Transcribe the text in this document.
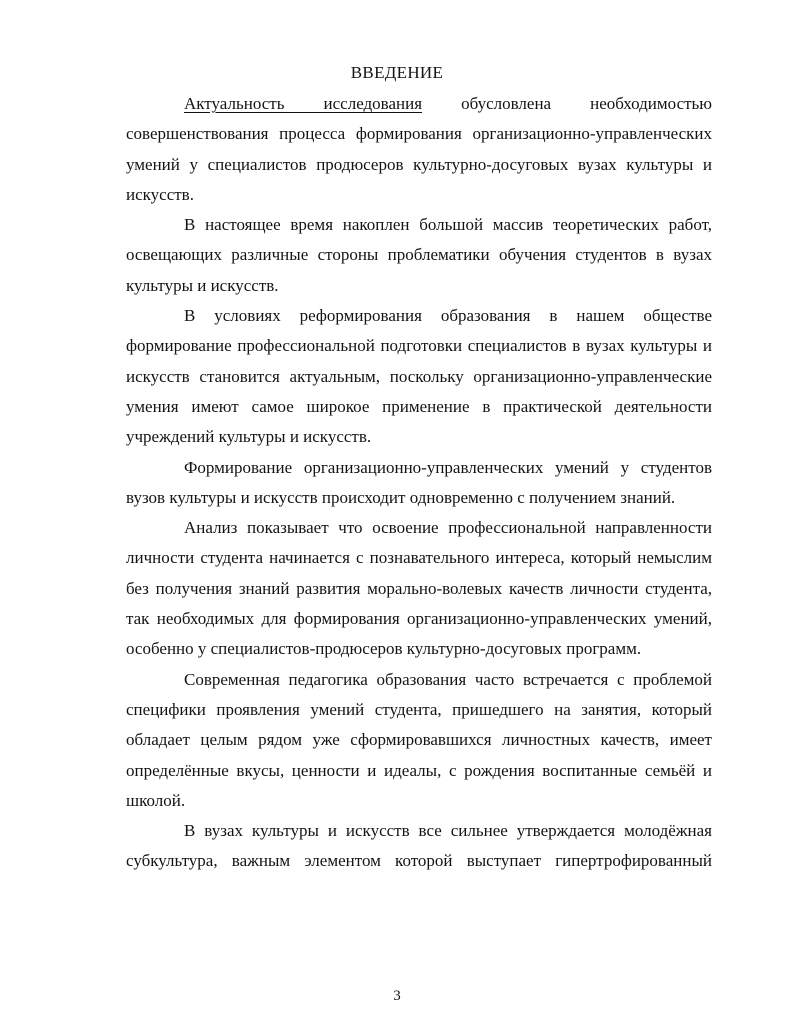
ВВЕДЕНИЕ

Актуальность исследования обусловлена необходимостью совершенствования процесса формирования организационно-управленческих умений у специалистов продюсеров культурно-досуговых вузах культуры и искусств.

В настоящее время накоплен большой массив теоретических работ, освещающих различные стороны проблематики обучения студентов в вузах культуры и искусств.

В условиях реформирования образования в нашем обществе формирование профессиональной подготовки специалистов в вузах культуры и искусств становится актуальным, поскольку организационно-управленческие умения имеют самое широкое применение в практической деятельности учреждений культуры и искусств.

Формирование организационно-управленческих умений у студентов вузов культуры и искусств происходит одновременно с получением знаний.

Анализ показывает что освоение профессиональной направленности личности студента начинается с познавательного интереса, который немыслим без получения знаний развития морально-волевых качеств личности студента, так необходимых для формирования организационно-управленческих умений, особенно у специалистов-продюсеров культурно-досуговых программ.

Современная педагогика образования часто встречается с проблемой специфики проявления умений студента, пришедшего на занятия, который обладает целым рядом уже сформировавшихся личностных качеств, имеет определённые вкусы, ценности и идеалы, с рождения воспитанные семьёй и школой.

В вузах культуры и искусств все сильнее утверждается молодёжная субкультура, важным элементом которой выступает гипертрофированный

3
